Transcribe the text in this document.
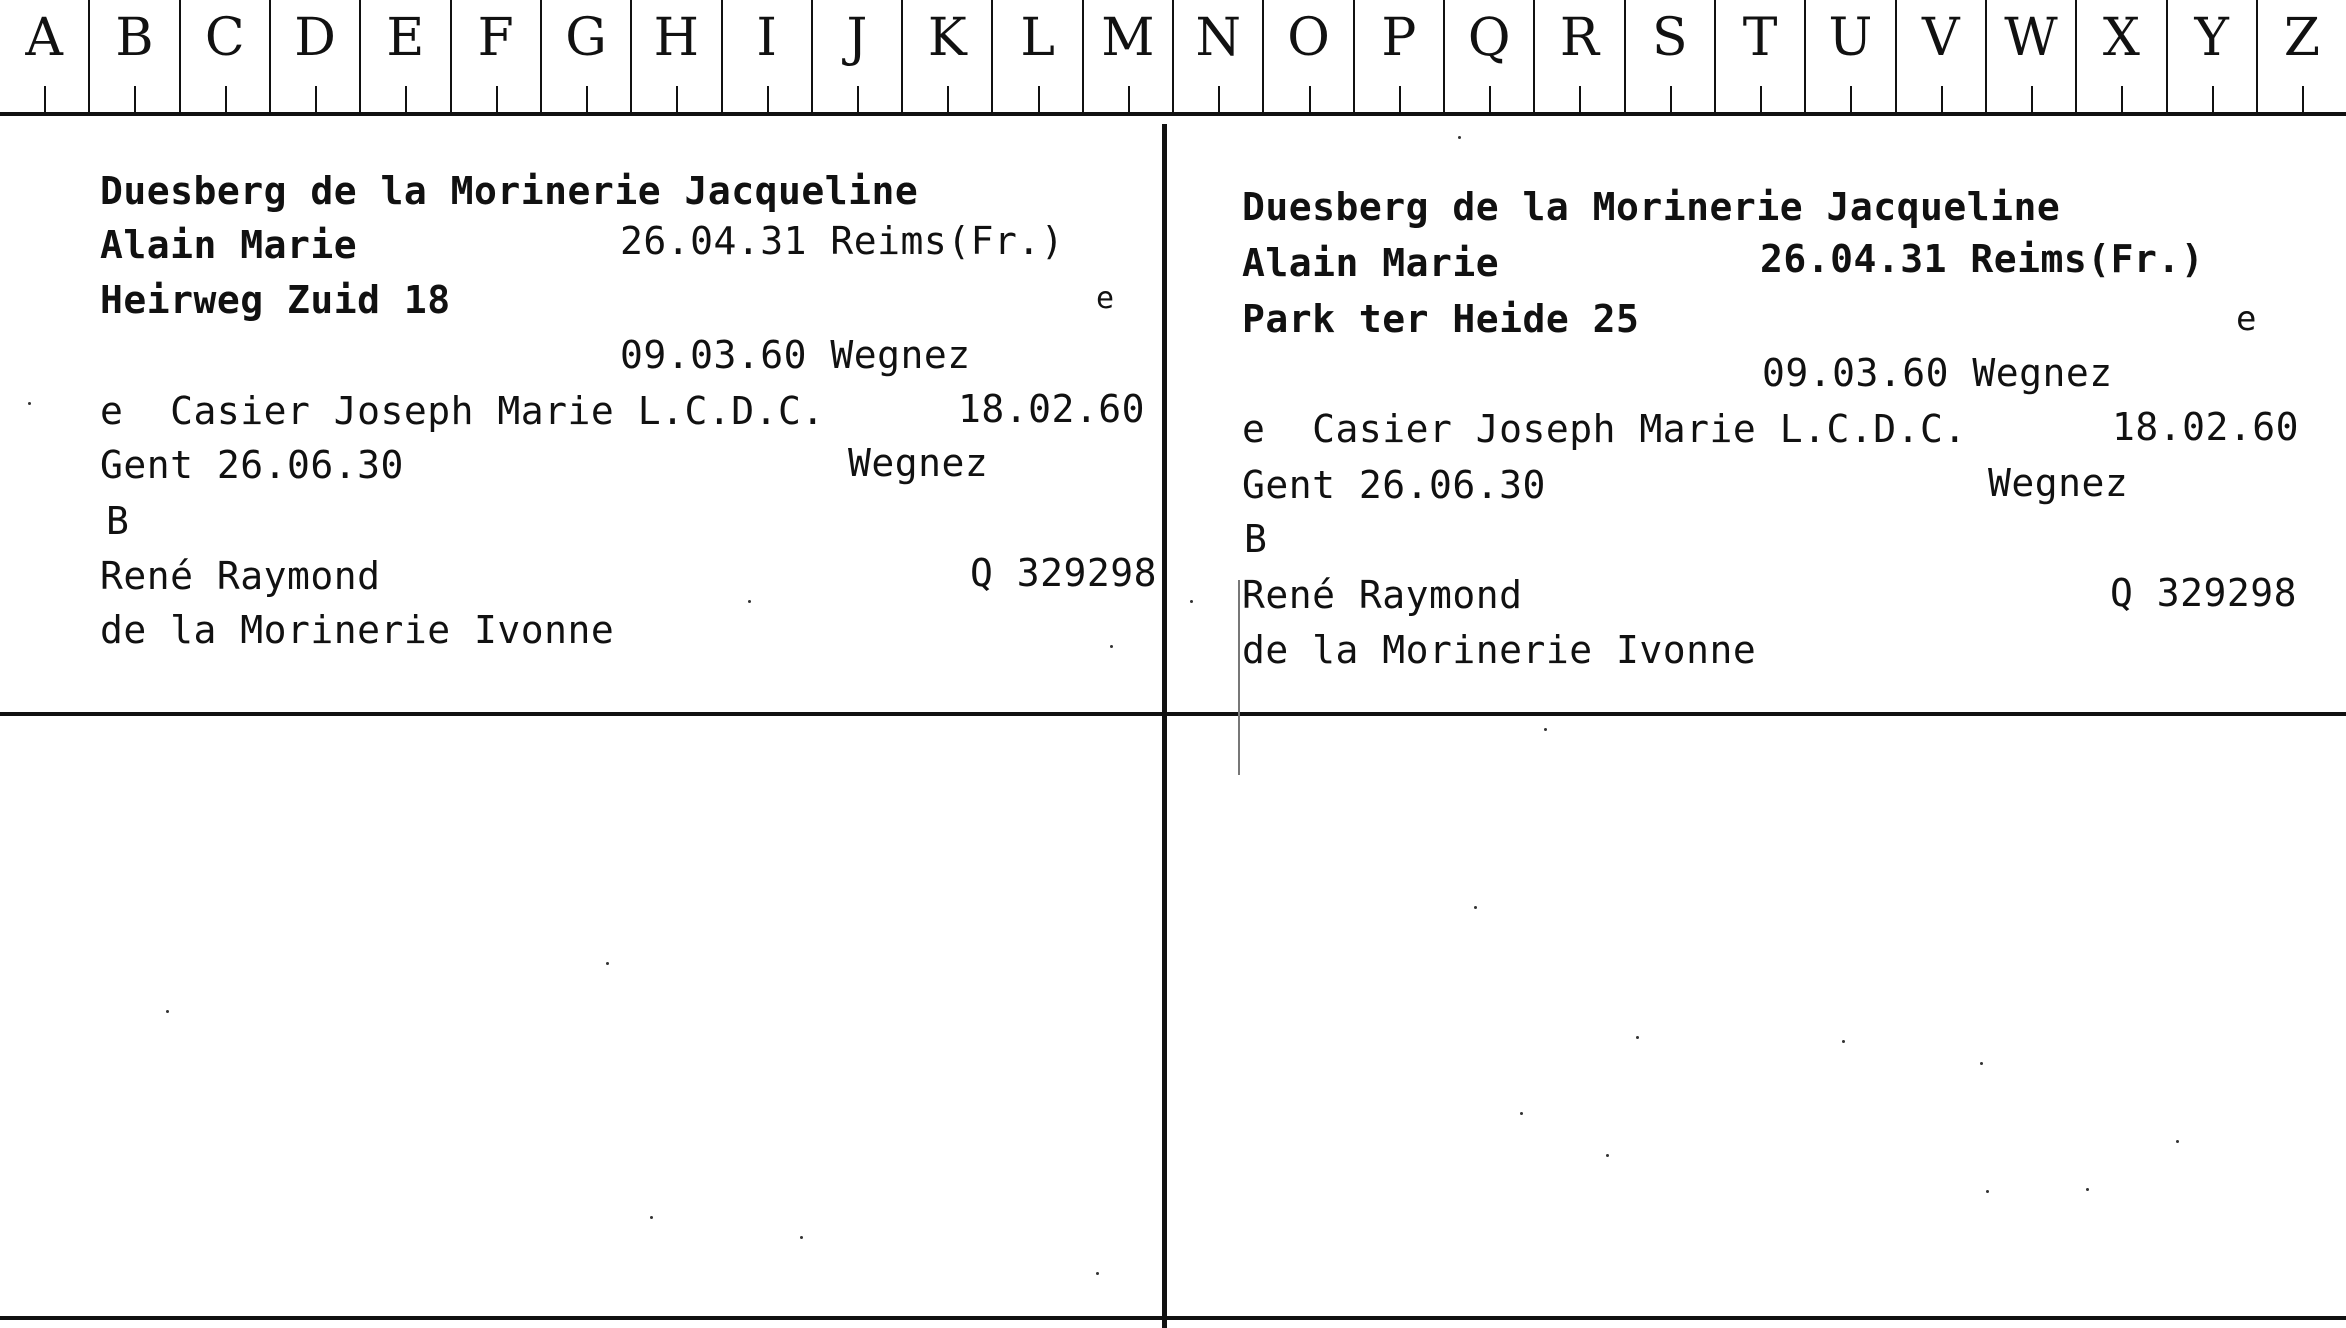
A	B C D E	F G H	I	J	K	L M N O P Q R	S	T U V W X	Y	Z

Duesberg de la Morinerie Jacqueline

Alain Marie

	26.04.31 Reims(Fr.)

Heirweg Zuid 18

	e

09.03.60 Wegnez

e  Casier Joseph Marie L.C.D.C.

	18.02.60

Gent 26.06.30

	Wegnez

B

René Raymond

	Q 329298

de la Morinerie Ivonne

Duesberg de la Morinerie Jacqueline

Alain Marie

	26.04.31 Reims(Fr.)

Park ter Heide 25

	e

09.03.60 Wegnez

e  Casier Joseph Marie L.C.D.C.

	18.02.60

Gent 26.06.30

	Wegnez

B

René Raymond

	Q 329298

de la Morinerie Ivonne
